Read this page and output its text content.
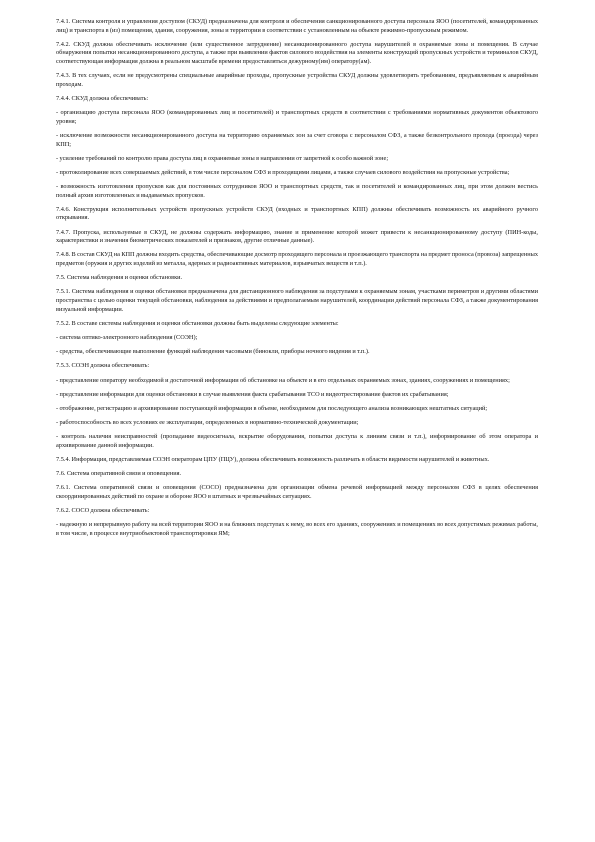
7.4.1. Система контроля и управления доступом (СКУД) предназначена для контроля и обеспечения санкционированного доступа персонала ЯОО (посетителей, командированных лиц) и транспорта в (из) помещения, здания, сооружения, зоны и территории в соответствии с установленным на объекте режимно-пропускным режимом.

7.4.2. СКУД должна обеспечивать исключение (или существенное затруднение) несанкционированного доступа нарушителей в охраняемые зоны и помещения. В случае обнаружения попытки несанкционированного доступа, а также при выявлении фактов силового воздействия на элементы конструкций пропускных устройств и терминалов СКУД, соответствующая информация должна в реальном масштабе времени предоставляться дежурному(им) оператору(ам).

7.4.3. В тех случаях, если не предусмотрены специальные аварийные проходы, пропускные устройства СКУД должны удовлетворять требованиям, предъявляемым к аварийным проходам.

7.4.4. СКУД должна обеспечивать:

- организацию доступа персонала ЯОО (командированных лиц и посетителей) и транспортных средств в соответствии с требованиями нормативных документов объектового уровня;

- исключение возможности несанкционированного доступа на территорию охраняемых зон за счет сговора с персоналом СФЗ, а также безконтрольного прохода (проезда) через КПП;

- усиление требований по контролю права доступа лиц в охраняемые зоны в направлении от запретной к особо важной зоне;

- протоколирование всех совершаемых действий, в том числе персоналом СФЗ и проходящими лицами, а также случаев силового воздействия на пропускные устройства;

- возможность изготовления пропусков как для постоянных сотрудников ЯОО и транспортных средств, так и посетителей и командированных лиц, при этом должен вестись полный архив изготовленных и выдаваемых пропусков.

7.4.6. Конструкция исполнительных устройств пропускных устройств СКУД (входных и транспортных КПП) должны обеспечивать возможность их аварийного ручного открывания.

7.4.7. Пропуска, используемые в СКУД, не должны содержать информацию, знание и применение которой может привести к несанкционированному доступу (ПИН-коды, характеристики и значения биометрических показателей и признаков, другие отличные данные).

7.4.8. В состав СКУД на КПП должны входить средства, обеспечивающие досмотр проходящего персонала и проезжающего транспорта на предмет проноса (провоза) запрещенных предметов (оружия и других изделий из металла, ядерных и радиоактивных материалов, взрывчатых веществ и т.п.).

7.5. Система наблюдения и оценки обстановки.

7.5.1. Система наблюдения и оценки обстановки предназначена для дистанционного наблюдения за подступами к охраняемым зонам, участками периметров и другими областями пространства с целью оценки текущей обстановки, наблюдения за действиями и предполагаемым нарушителей, координации действий персонала СФЗ, а также документирования визуальной информации.

7.5.2. В составе системы наблюдения и оценки обстановки должны быть выделены следующие элементы:

- система оптико-электронного наблюдения (СОЭН);

- средства, обеспечивающие выполнение функций наблюдения часовыми (бинокли, приборы ночного видения и т.п.).

7.5.3. СОЭН должна обеспечивать:

- представление оператору необходимой и достаточной информации об обстановке на объекте и в его отдельных охраняемых зонах, зданиях, сооружениях и помещениях;

- представление информации для оценки обстановки в случае выявления факта срабатывания ТСО и видеотрестирование фактов их срабатывания;

- отображение, регистрацию и архивирование поступающей информации в объеме, необходимом для последующего анализа возникающих нештатных ситуаций;

- работоспособность во всех условиях ее эксплуатации, определенных в нормативно-технической документации;

- контроль наличия неисправностей (пропадание видеосигнала, вскрытие оборудования, попытки доступа к линиям связи и т.п.), информирование об этом оператора и архивирование данной информации.

7.5.4. Информация, представляемая СОЭН операторам ЦПУ (ПЦУ), должна обеспечивать возможность различать в области видимости нарушителей и животных.

7.6. Система оперативной связи и оповещения.

7.6.1. Система оперативной связи и оповещения (СОСО) предназначена для организации обмена речевой информацией между персоналом СФЗ в целях обеспечения скоординированных действий по охране и обороне ЯОО в штатных и чрезвычайных ситуациях.

7.6.2. СОСО должна обеспечивать:

- надежную и непрерывную работу на всей территории ЯОО и на ближних подступах к нему, во всех его зданиях, сооружениях и помещениях во всех допустимых режимах работы, в том числе, в процессе внутриобъектовой транспортировки ЯМ;
